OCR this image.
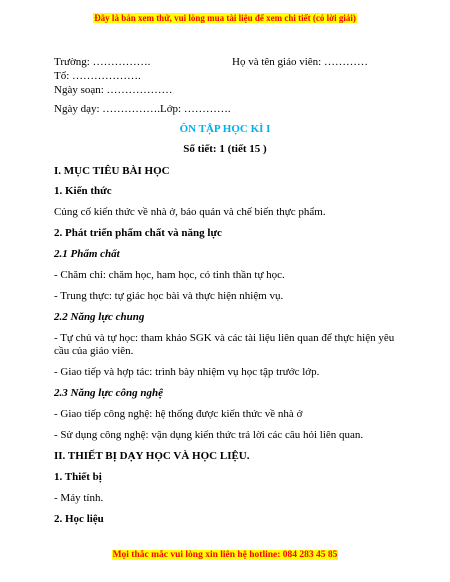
Đây là bản xem thử, vui lòng mua tài liệu để xem chi tiết (có lời giải)
Trường: …………….	Họ và tên giáo viên: …………
Tổ: ……………….
Ngày soạn: ………………
Ngày dạy: …………….Lớp: ………….
ÔN TẬP HỌC KÌ I
Số tiết: 1 (tiết 15 )
I. MỤC TIÊU BÀI HỌC
1. Kiến thức
Củng cố kiến thức về nhà ở, bảo quản và chế biến thực phẩm.
2. Phát triển phẩm chất và năng lực
2.1 Phẩm chất
- Chăm chỉ: chăm học, ham học, có tinh thần tự học.
- Trung thực: tự giác học bài và thực hiện nhiệm vụ.
2.2 Năng lực chung
- Tự chủ và tự học: tham khảo SGK và các tài liệu liên quan để thực hiện yêu cầu của giáo viên.
- Giao tiếp và hợp tác: trình bày nhiệm vụ học tập trước lớp.
2.3 Năng lực công nghệ
- Giao tiếp công nghệ: hệ thống được kiến thức về nhà ở
- Sử dụng công nghệ: vận dụng kiến thức trả lời các câu hỏi liên quan.
II. THIẾT BỊ DẠY HỌC VÀ HỌC LIỆU.
1. Thiết bị
- Máy tính.
2. Học liệu
Mọi thắc mắc vui lòng xin liên hệ hotline: 084 283 45 85
